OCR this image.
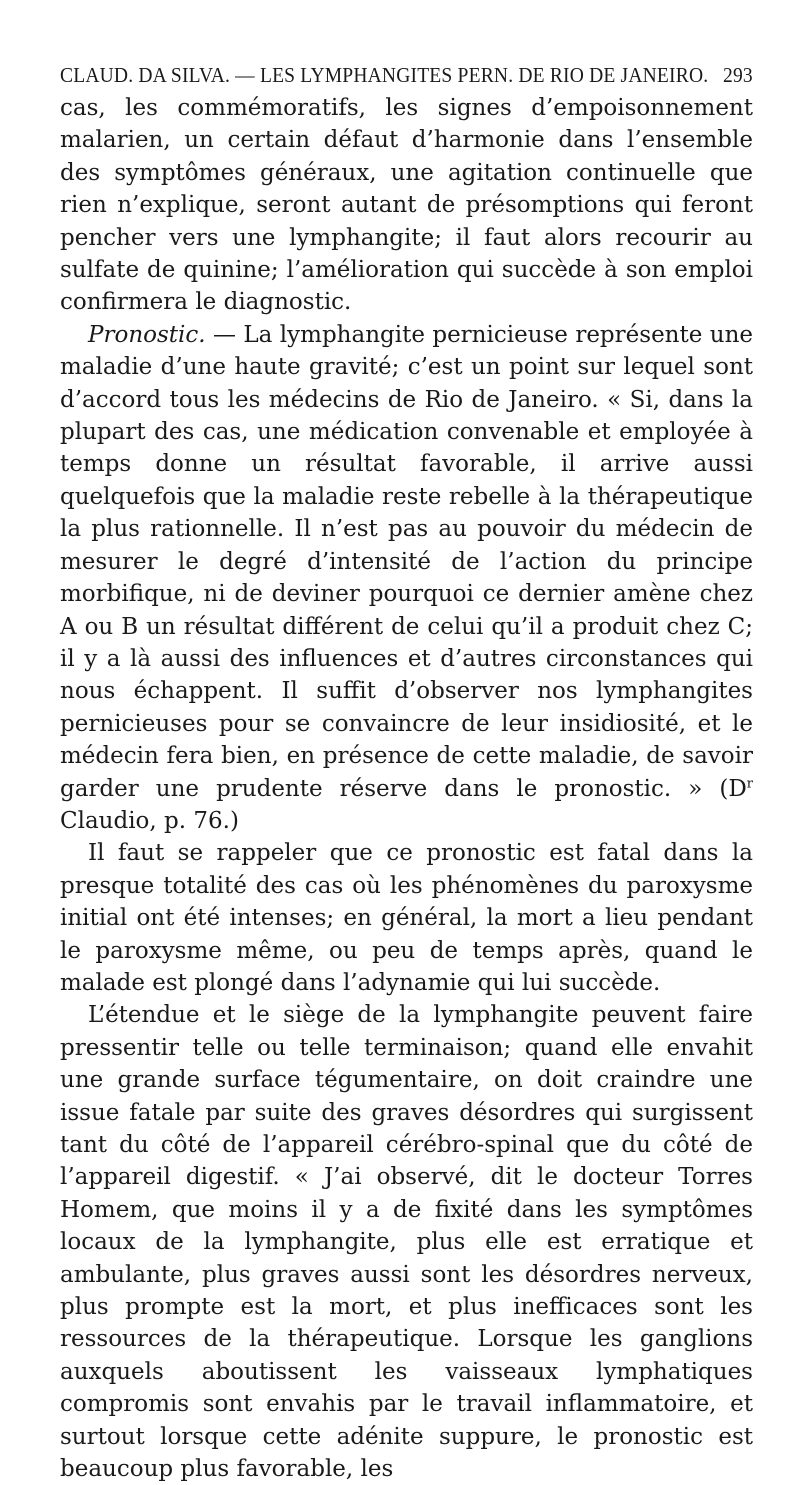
CLAUD. DA SILVA. — LES LYMPHANGITES PERN. DE RIO DE JANEIRO. 293

cas, les commémoratifs, les signes d’empoisonnement malarien, un certain défaut d’harmonie dans l’ensemble des symptômes généraux, une agitation continuelle que rien n’explique, seront autant de présomptions qui feront pencher vers une lymphangite; il faut alors recourir au sulfate de quinine; l’amélioration qui succède à son emploi confirmera le diagnostic.

Pronostic. — La lymphangite pernicieuse représente une maladie d’une haute gravité; c’est un point sur lequel sont d’accord tous les médecins de Rio de Janeiro. « Si, dans la plupart des cas, une médication convenable et employée à temps donne un résultat favorable, il arrive aussi quelquefois que la maladie reste rebelle à la thérapeutique la plus rationnelle. Il n’est pas au pouvoir du médecin de mesurer le degré d’intensité de l’action du principe morbifique, ni de deviner pourquoi ce dernier amène chez A ou B un résultat différent de celui qu’il a produit chez C; il y a là aussi des influences et d’autres circonstances qui nous échappent. Il suffit d’observer nos lymphangites pernicieuses pour se convaincre de leur insidiosité, et le médecin fera bien, en présence de cette maladie, de savoir garder une prudente réserve dans le pronostic. » ($D^r$ Claudio, p. 76.)

Il faut se rappeler que ce pronostic est fatal dans la presque totalité des cas où les phénomènes du paroxysme initial ont été intenses; en général, la mort a lieu pendant le paroxysme même, ou peu de temps après, quand le malade est plongé dans l’adynamie qui lui succède.

L’étendue et le siège de la lymphangite peuvent faire pressentir telle ou telle terminaison; quand elle envahit une grande surface tégumentaire, on doit craindre une issue fatale par suite des graves désordres qui surgissent tant du côté de l’appareil cérébro-spinal que du côté de l’appareil digestif. « J’ai observé, dit le docteur Torres Homem, que moins il y a de fixité dans les symptômes locaux de la lymphangite, plus elle est erratique et ambulante, plus graves aussi sont les désordres nerveux, plus prompte est la mort, et plus inefficaces sont les ressources de la thérapeutique. Lorsque les ganglions auxquels aboutissent les vaisseaux lymphatiques compromis sont envahis par le travail inflammatoire, et surtout lorsque cette adénite suppure, le pronostic est beaucoup plus favorable, les
